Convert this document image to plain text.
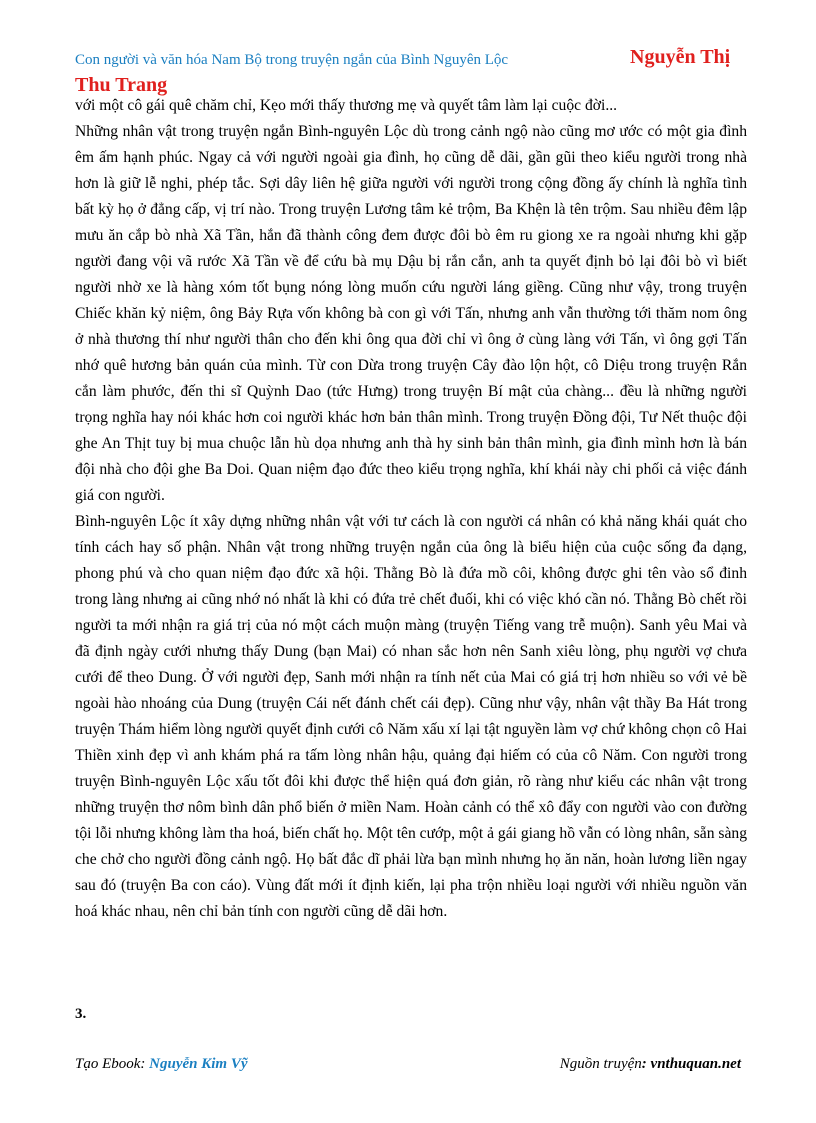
Con người và văn hóa Nam Bộ trong truyện ngắn của Bình Nguyên Lộc	Nguyễn Thị
Thu Trang

với một cô gái quê chăm chỉ, Kẹo mới thấy thương mẹ và quyết tâm làm lại cuộc đời...

Những nhân vật trong truyện ngắn Bình-nguyên Lộc dù trong cảnh ngộ nào cũng mơ ước có một gia đình êm ấm hạnh phúc. Ngay cả với người ngoài gia đình, họ cũng dễ dãi, gần gũi theo kiểu người trong nhà hơn là giữ lễ nghi, phép tắc. Sợi dây liên hệ giữa người với người trong cộng đồng ấy chính là nghĩa tình bất kỳ họ ở đẳng cấp, vị trí nào. Trong truyện Lương tâm kẻ trộm, Ba Khện là tên trộm. Sau nhiều đêm lập mưu ăn cắp bò nhà Xã Tần, hắn đã thành công đem được đôi bò êm ru giong xe ra ngoài nhưng khi gặp người đang vội vã rước Xã Tần về để cứu bà mụ Dậu bị rắn cắn, anh ta quyết định bỏ lại đôi bò vì biết người nhờ xe là hàng xóm tốt bụng nóng lòng muốn cứu người láng giềng. Cũng như vậy, trong truyện Chiếc khăn kỷ niệm, ông Bảy Rựa vốn không bà con gì với Tấn, nhưng anh vẫn thường tới thăm nom ông ở nhà thương thí như người thân cho đến khi ông qua đời chỉ vì ông ở cùng làng với Tấn, vì ông gợi Tấn nhớ quê hương bản quán của mình. Từ con Dừa trong truyện Cây đào lộn hột, cô Diệu trong truyện Rắn cắn làm phước, đến thi sĩ Quỳnh Dao (tức Hưng) trong truyện Bí mật của chàng... đều là những người trọng nghĩa hay nói khác hơn coi người khác hơn bản thân mình. Trong truyện Đồng đội, Tư Nết thuộc đội ghe An Thịt tuy bị mua chuộc lẫn hù dọa nhưng anh thà hy sinh bản thân mình, gia đình mình hơn là bán đội nhà cho đội ghe Ba Doi. Quan niệm đạo đức theo kiểu trọng nghĩa, khí khái này chi phối cả việc đánh giá con người.

Bình-nguyên Lộc ít xây dựng những nhân vật với tư cách là con người cá nhân có khả năng khái quát cho tính cách hay số phận. Nhân vật trong những truyện ngắn của ông là biểu hiện của cuộc sống đa dạng, phong phú và cho quan niệm đạo đức xã hội. Thằng Bò là đứa mồ côi, không được ghi tên vào sổ đinh trong làng nhưng ai cũng nhớ nó nhất là khi có đứa trẻ chết đuối, khi có việc khó cần nó. Thằng Bò chết rồi người ta mới nhận ra giá trị của nó một cách muộn màng (truyện Tiếng vang trễ muộn). Sanh yêu Mai và đã định ngày cưới nhưng thấy Dung (bạn Mai) có nhan sắc hơn nên Sanh xiêu lòng, phụ người vợ chưa cưới để theo Dung. Ở với người đẹp, Sanh mới nhận ra tính nết của Mai có giá trị hơn nhiều so với vẻ bề ngoài hào nhoáng của Dung (truyện Cái nết đánh chết cái đẹp). Cũng như vậy, nhân vật thầy Ba Hát trong truyện Thám hiểm lòng người quyết định cưới cô Năm xấu xí lại tật nguyền làm vợ chứ không chọn cô Hai Thiền xinh đẹp vì anh khám phá ra tấm lòng nhân hậu, quảng đại hiếm có của cô Năm. Con người trong truyện Bình-nguyên Lộc xấu tốt đôi khi được thể hiện quá đơn giản, rõ ràng như kiểu các nhân vật trong những truyện thơ nôm bình dân phổ biến ở miền Nam. Hoàn cảnh có thể xô đẩy con người vào con đường tội lỗi nhưng không làm tha hoá, biến chất họ. Một tên cướp, một ả gái giang hồ vẫn có lòng nhân, sẵn sàng che chở cho người đồng cảnh ngộ. Họ bất đắc dĩ phải lừa bạn mình nhưng họ ăn năn, hoàn lương liền ngay sau đó (truyện Ba con cáo). Vùng đất mới ít định kiến, lại pha trộn nhiều loại người với nhiều nguồn văn hoá khác nhau, nên chỉ bản tính con người cũng dễ dãi hơn.

3.
Tạo Ebook: Nguyễn Kim Vỹ	Nguồn truyện: vnthuquan.net
